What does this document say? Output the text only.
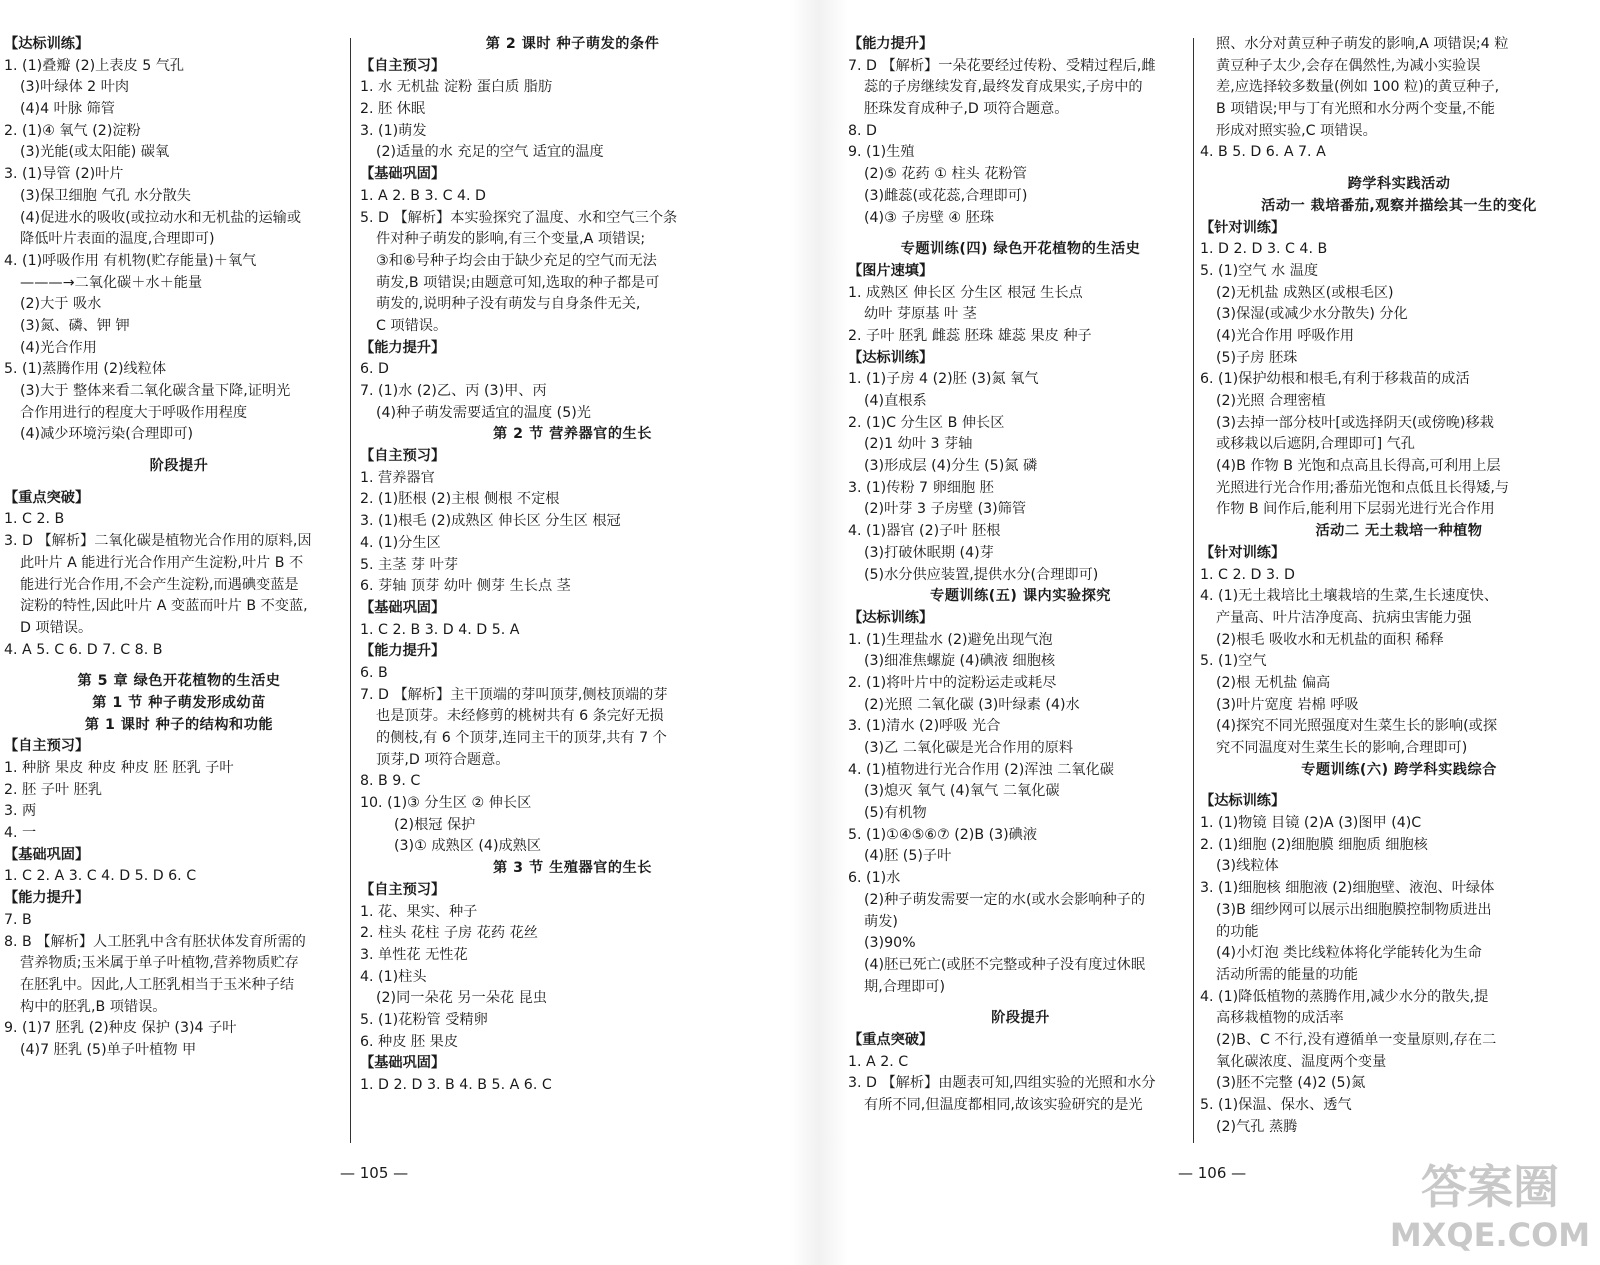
【达标训练】
1. (1)叠瓣 (2)上表皮 5 气孔
(3)叶绿体 2 叶肉
(4)4 叶脉 筛管
2. (1)④ 氧气 (2)淀粉
(3)光能(或太阳能) 碳氧
3. (1)导管 (2)叶片
(3)保卫细胞 气孔 水分散失
(4)促进水的吸收(或拉动水和无机盐的运输或
降低叶片表面的温度,合理即可)
4. (1)呼吸作用 有机物(贮存能量)＋氧气
———→二氧化碳＋水＋能量
(2)大于 吸水
(3)氮、磷、钾 钾
(4)光合作用
5. (1)蒸腾作用 (2)线粒体
(3)大于 整体来看二氧化碳含量下降,证明光
合作用进行的程度大于呼吸作用程度
(4)减少环境污染(合理即可)
阶段提升
【重点突破】
1. C 2. B
3. D 【解析】二氧化碳是植物光合作用的原料,因
此叶片 A 能进行光合作用产生淀粉,叶片 B 不
能进行光合作用,不会产生淀粉,而遇碘变蓝是
淀粉的特性,因此叶片 A 变蓝而叶片 B 不变蓝,
D 项错误。
4. A 5. C 6. D 7. C 8. B
第 5 章 绿色开花植物的生活史
第 1 节 种子萌发形成幼苗
第 1 课时 种子的结构和功能
【自主预习】
1. 种脐 果皮 种皮 种皮 胚 胚乳 子叶
2. 胚 子叶 胚乳
3. 两
4. 一
【基础巩固】
1. C 2. A 3. C 4. D 5. D 6. C
【能力提升】
7. B
8. B 【解析】人工胚乳中含有胚状体发育所需的
营养物质;玉米属于单子叶植物,营养物质贮存
在胚乳中。因此,人工胚乳相当于玉米种子结
构中的胚乳,B 项错误。
9. (1)7 胚乳 (2)种皮 保护 (3)4 子叶
(4)7 胚乳 (5)单子叶植物 甲
第 2 课时 种子萌发的条件
【自主预习】
1. 水 无机盐 淀粉 蛋白质 脂肪
2. 胚 休眠
3. (1)萌发
(2)适量的水 充足的空气 适宜的温度
【基础巩固】
1. A 2. B 3. C 4. D
5. D 【解析】本实验探究了温度、水和空气三个条
件对种子萌发的影响,有三个变量,A 项错误;
③和⑥号种子均会由于缺少充足的空气而无法
萌发,B 项错误;由题意可知,选取的种子都是可
萌发的,说明种子没有萌发与自身条件无关,
C 项错误。
【能力提升】
6. D
7. (1)水 (2)乙、丙 (3)甲、丙
(4)种子萌发需要适宜的温度 (5)光
第 2 节 营养器官的生长
【自主预习】
1. 营养器官
2. (1)胚根 (2)主根 侧根 不定根
3. (1)根毛 (2)成熟区 伸长区 分生区 根冠
4. (1)分生区
5. 主茎 芽 叶芽
6. 芽轴 顶芽 幼叶 侧芽 生长点 茎
【基础巩固】
1. C 2. B 3. D 4. D 5. A
【能力提升】
6. B
7. D 【解析】主干顶端的芽叫顶芽,侧枝顶端的芽
也是顶芽。未经修剪的桃树共有 6 条完好无损
的侧枝,有 6 个顶芽,连同主干的顶芽,共有 7 个
顶芽,D 项符合题意。
8. B 9. C
10. (1)③ 分生区 ② 伸长区
(2)根冠 保护
(3)① 成熟区 (4)成熟区
第 3 节 生殖器官的生长
【自主预习】
1. 花、果实、种子
2. 柱头 花柱 子房 花药 花丝
3. 单性花 无性花
4. (1)柱头
(2)同一朵花 另一朵花 昆虫
5. (1)花粉管 受精卵
6. 种皮 胚 果皮
【基础巩固】
1. D 2. D 3. B 4. B 5. A 6. C
— 105 —
【能力提升】
7. D 【解析】一朵花要经过传粉、受精过程后,雌
蕊的子房继续发育,最终发育成果实,子房中的
胚珠发育成种子,D 项符合题意。
8. D
9. (1)生殖
(2)⑤ 花药 ① 柱头 花粉管
(3)雌蕊(或花蕊,合理即可)
(4)③ 子房壁 ④ 胚珠
专题训练(四) 绿色开花植物的生活史
【图片速填】
1. 成熟区 伸长区 分生区 根冠 生长点
幼叶 芽原基 叶 茎
2. 子叶 胚乳 雌蕊 胚珠 雄蕊 果皮 种子
【达标训练】
1. (1)子房 4 (2)胚 (3)氮 氧气
(4)直根系
2. (1)C 分生区 B 伸长区
(2)1 幼叶 3 芽轴
(3)形成层 (4)分生 (5)氮 磷
3. (1)传粉 7 卵细胞 胚
(2)叶芽 3 子房壁 (3)筛管
4. (1)器官 (2)子叶 胚根
(3)打破休眠期 (4)芽
(5)水分供应装置,提供水分(合理即可)
专题训练(五) 课内实验探究
【达标训练】
1. (1)生理盐水 (2)避免出现气泡
(3)细准焦螺旋 (4)碘液 细胞核
2. (1)将叶片中的淀粉运走或耗尽
(2)光照 二氧化碳 (3)叶绿素 (4)水
3. (1)清水 (2)呼吸 光合
(3)乙 二氧化碳是光合作用的原料
4. (1)植物进行光合作用 (2)浑浊 二氧化碳
(3)熄灭 氧气 (4)氧气 二氧化碳
(5)有机物
5. (1)①④⑤⑥⑦ (2)B (3)碘液
(4)胚 (5)子叶
6. (1)水
(2)种子萌发需要一定的水(或水会影响种子的
萌发)
(3)90%
(4)胚已死亡(或胚不完整或种子没有度过休眠
期,合理即可)
阶段提升
【重点突破】
1. A 2. C
3. D 【解析】由题表可知,四组实验的光照和水分
有所不同,但温度都相同,故该实验研究的是光
照、水分对黄豆种子萌发的影响,A 项错误;4 粒
黄豆种子太少,会存在偶然性,为减小实验误
差,应选择较多数量(例如 100 粒)的黄豆种子,
B 项错误;甲与丁有光照和水分两个变量,不能
形成对照实验,C 项错误。
4. B 5. D 6. A 7. A
跨学科实践活动
活动一 栽培番茄,观察并描绘其一生的变化
【针对训练】
1. D 2. D 3. C 4. B
5. (1)空气 水 温度
(2)无机盐 成熟区(或根毛区)
(3)保湿(或减少水分散失) 分化
(4)光合作用 呼吸作用
(5)子房 胚珠
6. (1)保护幼根和根毛,有利于移栽苗的成活
(2)光照 合理密植
(3)去掉一部分枝叶[或选择阴天(或傍晚)移栽
或移栽以后遮阴,合理即可] 气孔
(4)B 作物 B 光饱和点高且长得高,可利用上层
光照进行光合作用;番茄光饱和点低且长得矮,与
作物 B 间作后,能利用下层弱光进行光合作用
活动二 无土栽培一种植物
【针对训练】
1. C 2. D 3. D
4. (1)无土栽培比土壤栽培的生菜,生长速度快、
产量高、叶片洁净度高、抗病虫害能力强
(2)根毛 吸收水和无机盐的面积 稀释
5. (1)空气
(2)根 无机盐 偏高
(3)叶片宽度 岩棉 呼吸
(4)探究不同光照强度对生菜生长的影响(或探
究不同温度对生菜生长的影响,合理即可)
专题训练(六) 跨学科实践综合
【达标训练】
1. (1)物镜 目镜 (2)A (3)图甲 (4)C
2. (1)细胞 (2)细胞膜 细胞质 细胞核
(3)线粒体
3. (1)细胞核 细胞液 (2)细胞壁、液泡、叶绿体
(3)B 细纱网可以展示出细胞膜控制物质进出
的功能
(4)小灯泡 类比线粒体将化学能转化为生命
活动所需的能量的功能
4. (1)降低植物的蒸腾作用,减少水分的散失,提
高移栽植物的成活率
(2)B、C 不行,没有遵循单一变量原则,存在二
氧化碳浓度、温度两个变量
(3)胚不完整 (4)2 (5)氮
5. (1)保温、保水、透气
(2)气孔 蒸腾
— 106 —	答案圈
MXQE.COM
